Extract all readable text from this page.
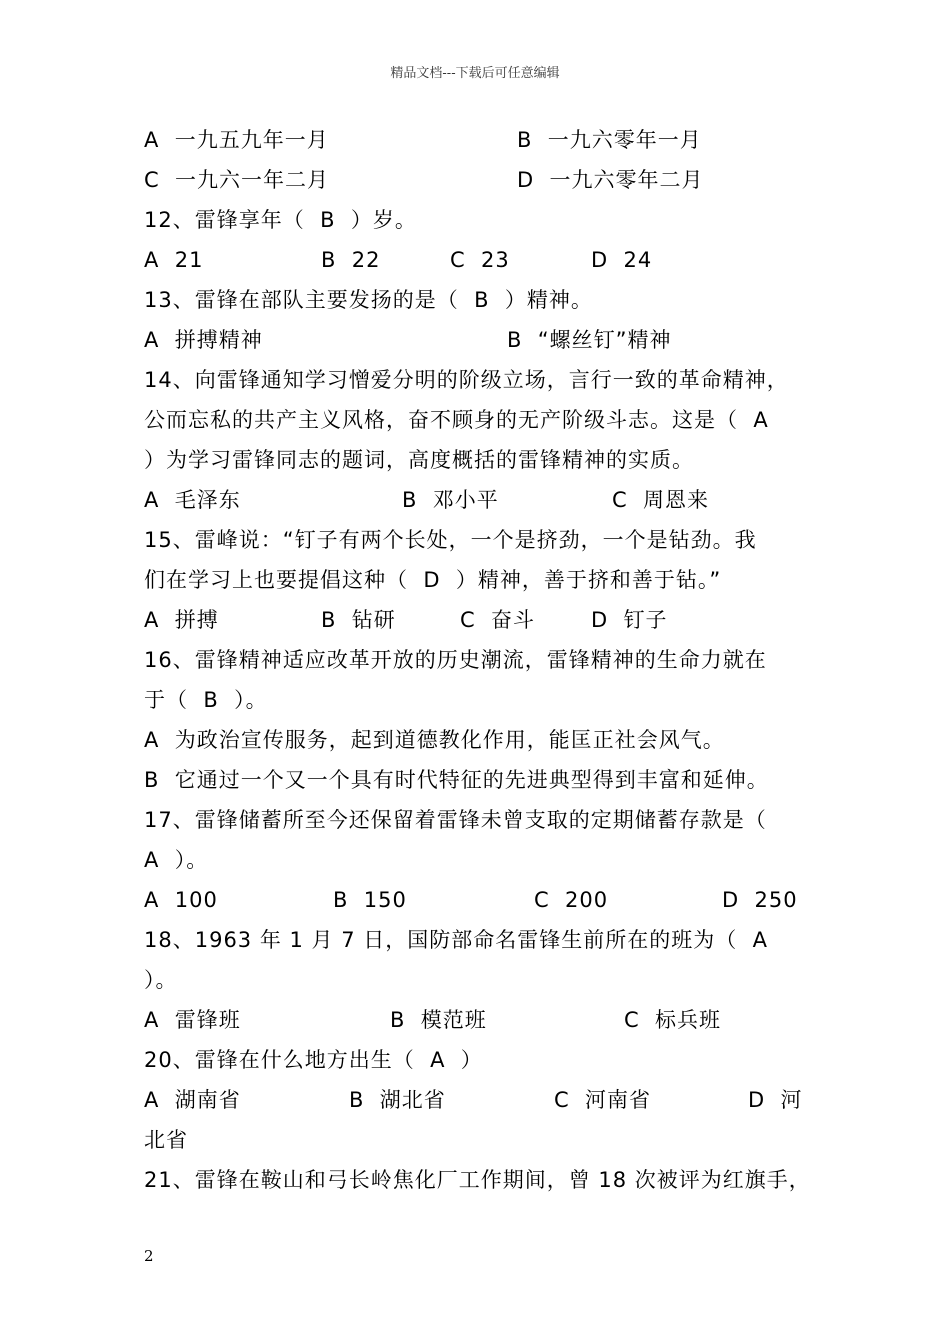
精品文档---下载后可任意编辑
A  一九五九年一月	B  一九六零年一月
C  一九六一年二月	D  一九六零年二月
12、雷锋享年（  B  ）岁。
A  21	B  22	C  23	D  24
13、雷锋在部队主要发扬的是（  B  ）精神。
A  拼搏精神	B  “螺丝钉”精神
14、向雷锋通知学习憎爱分明的阶级立场，言行一致的革命精神，
公而忘私的共产主义风格，奋不顾身的无产阶级斗志。这是（  A
）为学习雷锋同志的题词，高度概括的雷锋精神的实质。
A  毛泽东	B  邓小平	C  周恩来
15、雷峰说：“钉子有两个长处，一个是挤劲，一个是钻劲。我
们在学习上也要提倡这种（  D  ）精神，善于挤和善于钻。”
A  拼搏	B  钻研	C  奋斗	D  钉子
16、雷锋精神适应改革开放的历史潮流，雷锋精神的生命力就在
于（  B  ）。
A  为政治宣传服务，起到道德教化作用，能匡正社会风气。
B  它通过一个又一个具有时代特征的先进典型得到丰富和延伸。
17、雷锋储蓄所至今还保留着雷锋未曾支取的定期储蓄存款是（
A  ）。
A  100	B  150	C  200	D  250
18、1963 年 1 月 7 日，国防部命名雷锋生前所在的班为（  A
）。
A  雷锋班	B  模范班	C  标兵班
20、雷锋在什么地方出生（  A  ）
A  湖南省	B  湖北省	C  河南省	D  河
北省
21、雷锋在鞍山和弓长岭焦化厂工作期间，曾 18 次被评为红旗手，
2
